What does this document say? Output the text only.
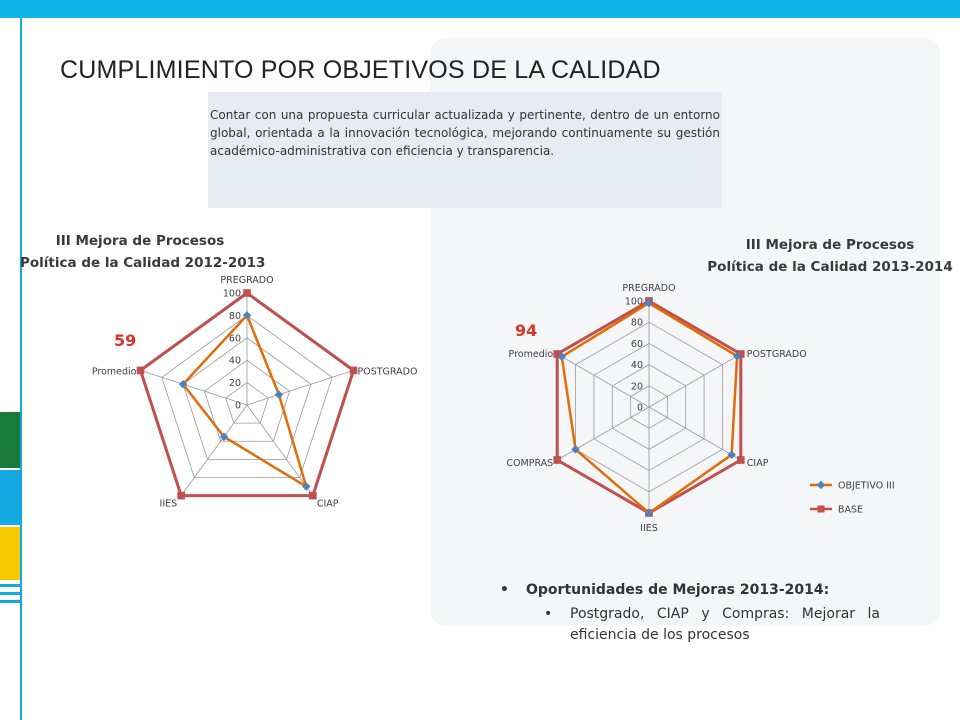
CUMPLIMIENTO POR OBJETIVOS DE LA CALIDAD
Contar con una propuesta curricular actualizada y pertinente, dentro de un entorno global, orientada a la innovación tecnológica, mejorando continuamente su gestión académico-administrativa con eficiencia y transparencia.
III Mejora de Procesos
Política de la Calidad 2012-2013
59
0
20
40
60
80
100
PREGRADO
POSTGRADO
CIAP
IIES
Promedio
III Mejora de Procesos
Política de la Calidad 2013-2014
94
0
20
40
60
80
100
PREGRADO
POSTGRADO
CIAP
IIES
COMPRAS
Promedio
OBJETIVO III
BASE
• Oportunidades de Mejoras 2013-2014:
• Postgrado, CIAP y Compras: Mejorar la eficiencia de los procesos
